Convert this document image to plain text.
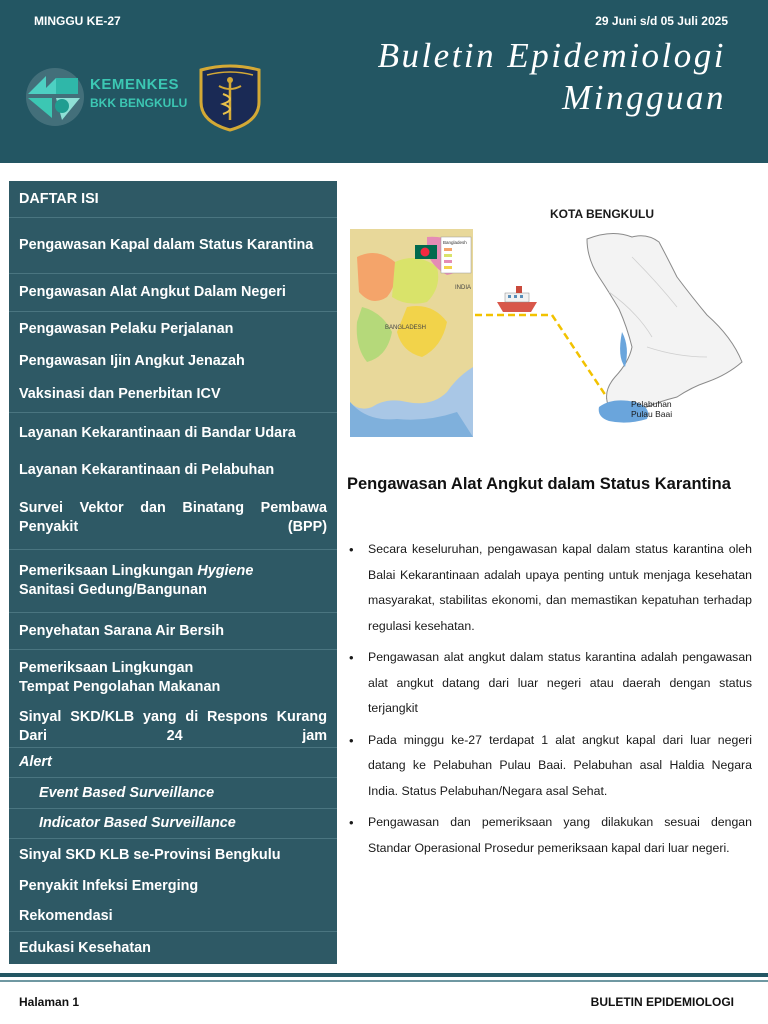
MINGGU KE-27	29 Juni s/d 05 Juli 2025
Buletin Epidemiologi
Mingguan
KEMENKES
BKK BENGKULU
DAFTAR ISI
Pengawasan Kapal dalam Status Karantina
Pengawasan Alat Angkut Dalam Negeri
Pengawasan Pelaku Perjalanan
Pengawasan Ijin Angkut Jenazah
Vaksinasi dan Penerbitan ICV
Layanan Kekarantinaan di Bandar Udara
Layanan Kekarantinaan di Pelabuhan
Survei Vektor dan Binatang Pembawa Penyakit (BPP)
Pemeriksaan Lingkungan Hygiene
Sanitasi Gedung/Bangunan
Penyehatan Sarana Air Bersih
Pemeriksaan Lingkungan
Tempat Pengolahan Makanan
Sinyal SKD/KLB yang di Respons Kurang Dari 24 jam
Alert
Event Based Surveillance
Indicator Based Surveillance
Sinyal SKD KLB se-Provinsi Bengkulu
Penyakit Infeksi Emerging
Rekomendasi
Edukasi Kesehatan
BANGLADESH
INDIA
Bangladesh
KOTA BENGKULU
Pelabuhan
Pulau Baai
Pengawasan Alat Angkut dalam Status Karantina
• Secara keseluruhan, pengawasan kapal dalam status karantina oleh Balai Kekarantinaan adalah upaya penting untuk menjaga kesehatan masyarakat, stabilitas ekonomi, dan memastikan kepatuhan terhadap regulasi kesehatan.
• Pengawasan alat angkut dalam status karantina adalah pengawasan alat angkut datang dari luar negeri atau daerah dengan status terjangkit
• Pada minggu ke-27 terdapat 1 alat angkut kapal dari luar negeri datang ke Pelabuhan Pulau Baai. Pelabuhan asal Haldia Negara India. Status Pelabuhan/Negara asal Sehat.
• Pengawasan dan pemeriksaan yang dilakukan sesuai dengan Standar Operasional Prosedur pemeriksaan kapal dari luar negeri.
Halaman 1	BULETIN EPIDEMIOLOGI
